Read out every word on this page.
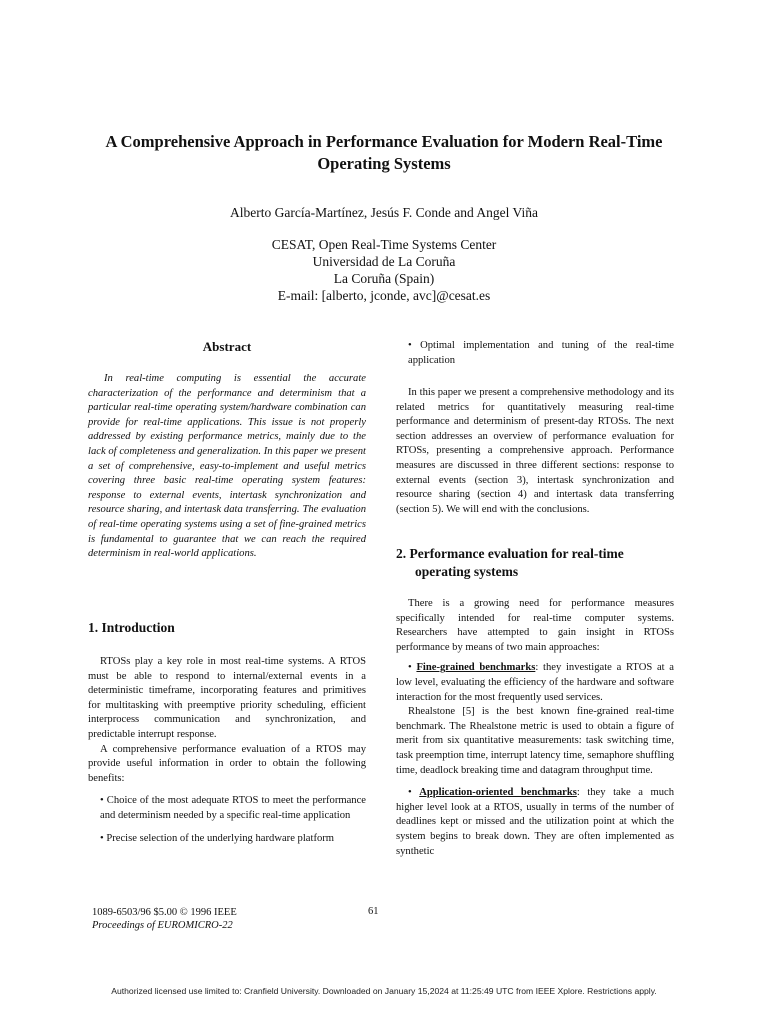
A Comprehensive Approach in Performance Evaluation for Modern Real-Time
Operating Systems
Alberto García-Martínez, Jesús F. Conde and Angel Viña
CESAT, Open Real-Time Systems Center
Universidad de La Coruña
La Coruña (Spain)
E-mail: [alberto, jconde, avc]@cesat.es
Abstract

In real-time computing is essential the accurate characterization of the performance and determinism that a particular real-time operating system/hardware combination can provide for real-time applications. This issue is not properly addressed by existing performance metrics, mainly due to the lack of completeness and generalization. In this paper we present a set of comprehensive, easy-to-implement and useful metrics covering three basic real-time operating system features: response to external events, intertask synchronization and resource sharing, and intertask data transferring. The evaluation of real-time operating systems using a set of fine-grained metrics is fundamental to guarantee that we can reach the required determinism in real-world applications.

1. Introduction

RTOSs play a key role in most real-time systems. A RTOS must be able to respond to internal/external events in a deterministic timeframe, incorporating features and primitives for multitasking with preemptive priority scheduling, efficient interprocess communication and synchronization, and predictable interrupt response.

A comprehensive performance evaluation of a RTOS may provide useful information in order to obtain the following benefits:

• Choice of the most adequate RTOS to meet the performance and determinism needed by a specific real-time application

• Precise selection of the underlying hardware platform

• Optimal implementation and tuning of the real-time application

In this paper we present a comprehensive methodology and its related metrics for quantitatively measuring real-time performance and determinism of present-day RTOSs. The next section addresses an overview of performance evaluation for RTOSs, presenting a comprehensive approach. Performance measures are discussed in three different sections: response to external events (section 3), intertask synchronization and resource sharing (section 4) and intertask data transferring (section 5). We will end with the conclusions.

2. Performance evaluation for real-time
operating systems

There is a growing need for performance measures specifically intended for real-time computer systems. Researchers have attempted to gain insight in RTOSs performance by means of two main approaches:

• Fine-grained benchmarks: they investigate a RTOS at a low level, evaluating the efficiency of the hardware and software interaction for the most frequently used services.

Rhealstone [5] is the best known fine-grained real-time benchmark. The Rhealstone metric is used to obtain a figure of merit from six quantitative measurements: task switching time, task preemption time, interrupt latency time, semaphore shuffling time, deadlock breaking time and datagram throughput time.

• Application-oriented benchmarks: they take a much higher level look at a RTOS, usually in terms of the number of deadlines kept or missed and the utilization point at which the system begins to break down. They are often implemented as synthetic

1089-6503/96 $5.00 © 1996 IEEE
Proceedings of EUROMICRO-22
61
Authorized licensed use limited to: Cranfield University. Downloaded on January 15,2024 at 11:25:49 UTC from IEEE Xplore. Restrictions apply.
